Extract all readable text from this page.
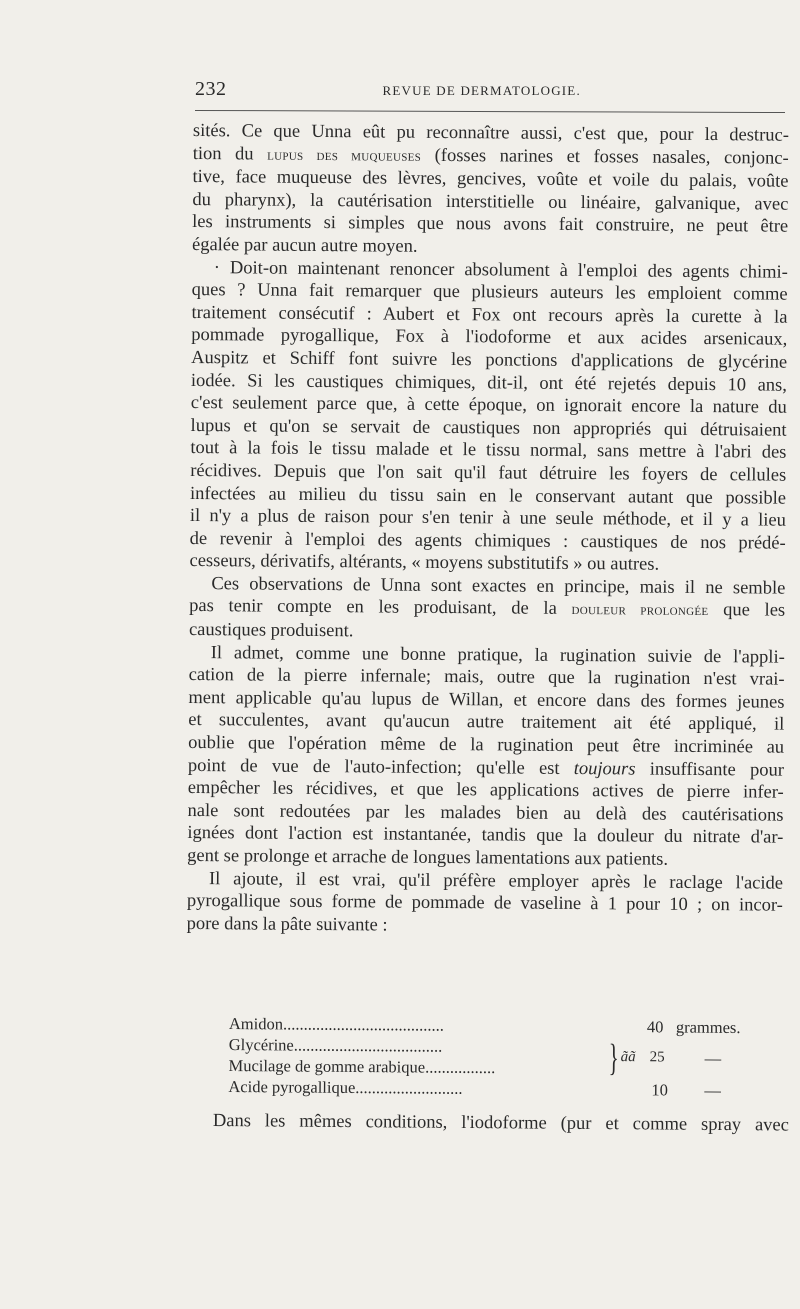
232	REVUE DE DERMATOLOGIE.
sités. Ce que Unna eût pu reconnaître aussi, c'est que, pour la destruc-
tion du lupus des muqueuses (fosses narines et fosses nasales, conjonc-
tive, face muqueuse des lèvres, gencives, voûte et voile du palais, voûte
du pharynx), la cautérisation interstitielle ou linéaire, galvanique, avec
les instruments si simples que nous avons fait construire, ne peut être
égalée par aucun autre moyen.
· Doit-on maintenant renoncer absolument à l'emploi des agents chimi-
ques ? Unna fait remarquer que plusieurs auteurs les emploient comme
traitement consécutif : Aubert et Fox ont recours après la curette à la
pommade pyrogallique, Fox à l'iodoforme et aux acides arsenicaux,
Auspitz et Schiff font suivre les ponctions d'applications de glycérine
iodée. Si les caustiques chimiques, dit-il, ont été rejetés depuis 10 ans,
c'est seulement parce que, à cette époque, on ignorait encore la nature du
lupus et qu'on se servait de caustiques non appropriés qui détruisaient
tout à la fois le tissu malade et le tissu normal, sans mettre à l'abri des
récidives. Depuis que l'on sait qu'il faut détruire les foyers de cellules
infectées au milieu du tissu sain en le conservant autant que possible
il n'y a plus de raison pour s'en tenir à une seule méthode, et il y a lieu
de revenir à l'emploi des agents chimiques : caustiques de nos prédé-
cesseurs, dérivatifs, altérants, « moyens substitutifs » ou autres.
Ces observations de Unna sont exactes en principe, mais il ne semble
pas tenir compte en les produisant, de la douleur prolongée que les
caustiques produisent.
Il admet, comme une bonne pratique, la rugination suivie de l'appli-
cation de la pierre infernale; mais, outre que la rugination n'est vrai-
ment applicable qu'au lupus de Willan, et encore dans des formes jeunes
et succulentes, avant qu'aucun autre traitement ait été appliqué, il
oublie que l'opération même de la rugination peut être incriminée au
point de vue de l'auto-infection; qu'elle est toujours insuffisante pour
empêcher les récidives, et que les applications actives de pierre infer-
nale sont redoutées par les malades bien au delà des cautérisations
ignées dont l'action est instantanée, tandis que la douleur du nitrate d'ar-
gent se prolonge et arrache de longues lamentations aux patients.
Il ajoute, il est vrai, qu'il préfère employer après le raclage l'acide
pyrogallique sous forme de pommade de vaseline à 1 pour 10 ; on incor-
pore dans la pâte suivante :
Amidon.......................................	40 grammes.
Glycérine....................................
Mucilage de gomme arabique.................	} ãã 25 —
Acide pyrogallique..........................	10 —
Dans les mêmes conditions, l'iodoforme (pur et comme spray avec
